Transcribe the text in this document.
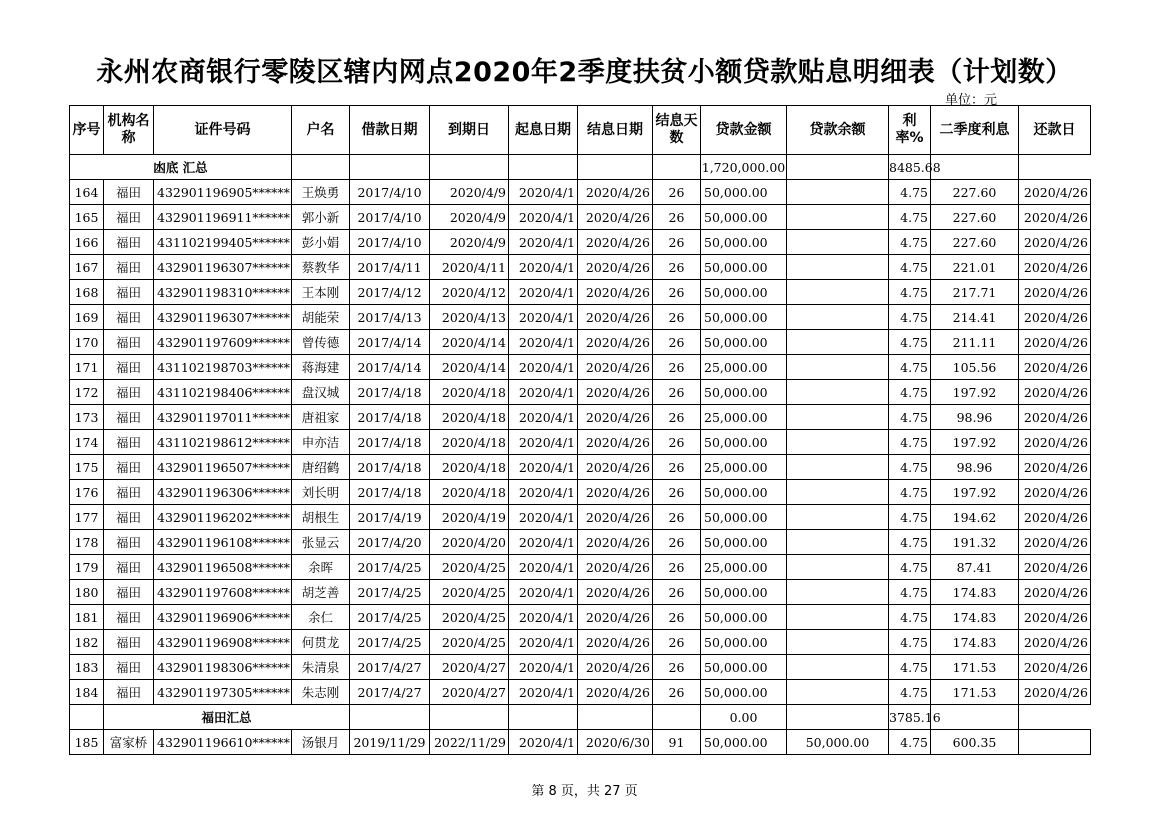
永州农商银行零陵区辖内网点2020年2季度扶贫小额贷款贴息明细表（计划数）
单位：元
序号	机构名称	证件号码	户名	借款日期	到期日	起息日期	结息日期	结息天数	贷款金额	贷款余额	利率%	二季度利息	还款日
凼底 汇总									1,720,000.00		8485.68		
164	福田	432901196905******	王焕勇	2017/4/10	2020/4/9	2020/4/1	2020/4/26	26	50,000.00		4.75	227.60	2020/4/26
165	福田	432901196911******	郭小新	2017/4/10	2020/4/9	2020/4/1	2020/4/26	26	50,000.00		4.75	227.60	2020/4/26
166	福田	431102199405******	彭小娟	2017/4/10	2020/4/9	2020/4/1	2020/4/26	26	50,000.00		4.75	227.60	2020/4/26
167	福田	432901196307******	蔡教华	2017/4/11	2020/4/11	2020/4/1	2020/4/26	26	50,000.00		4.75	221.01	2020/4/26
168	福田	432901198310******	王本刚	2017/4/12	2020/4/12	2020/4/1	2020/4/26	26	50,000.00		4.75	217.71	2020/4/26
169	福田	432901196307******	胡能荣	2017/4/13	2020/4/13	2020/4/1	2020/4/26	26	50,000.00		4.75	214.41	2020/4/26
170	福田	432901197609******	曾传德	2017/4/14	2020/4/14	2020/4/1	2020/4/26	26	50,000.00		4.75	211.11	2020/4/26
171	福田	431102198703******	蒋海建	2017/4/14	2020/4/14	2020/4/1	2020/4/26	26	25,000.00		4.75	105.56	2020/4/26
172	福田	431102198406******	盘汉城	2017/4/18	2020/4/18	2020/4/1	2020/4/26	26	50,000.00		4.75	197.92	2020/4/26
173	福田	432901197011******	唐祖家	2017/4/18	2020/4/18	2020/4/1	2020/4/26	26	25,000.00		4.75	98.96	2020/4/26
174	福田	431102198612******	申亦洁	2017/4/18	2020/4/18	2020/4/1	2020/4/26	26	50,000.00		4.75	197.92	2020/4/26
175	福田	432901196507******	唐绍鹤	2017/4/18	2020/4/18	2020/4/1	2020/4/26	26	25,000.00		4.75	98.96	2020/4/26
176	福田	432901196306******	刘长明	2017/4/18	2020/4/18	2020/4/1	2020/4/26	26	50,000.00		4.75	197.92	2020/4/26
177	福田	432901196202******	胡根生	2017/4/19	2020/4/19	2020/4/1	2020/4/26	26	50,000.00		4.75	194.62	2020/4/26
178	福田	432901196108******	张显云	2017/4/20	2020/4/20	2020/4/1	2020/4/26	26	50,000.00		4.75	191.32	2020/4/26
179	福田	432901196508******	余晖	2017/4/25	2020/4/25	2020/4/1	2020/4/26	26	25,000.00		4.75	87.41	2020/4/26
180	福田	432901197608******	胡芝善	2017/4/25	2020/4/25	2020/4/1	2020/4/26	26	50,000.00		4.75	174.83	2020/4/26
181	福田	432901196906******	余仁	2017/4/25	2020/4/25	2020/4/1	2020/4/26	26	50,000.00		4.75	174.83	2020/4/26
182	福田	432901196908******	何贯龙	2017/4/25	2020/4/25	2020/4/1	2020/4/26	26	50,000.00		4.75	174.83	2020/4/26
183	福田	432901198306******	朱清泉	2017/4/27	2020/4/27	2020/4/1	2020/4/26	26	50,000.00		4.75	171.53	2020/4/26
184	福田	432901197305******	朱志刚	2017/4/27	2020/4/27	2020/4/1	2020/4/26	26	50,000.00		4.75	171.53	2020/4/26
	福田汇总								0.00		3785.16		
185	富家桥	432901196610******	汤银月	2019/11/29	2022/11/29	2020/4/1	2020/6/30	91	50,000.00	50,000.00	4.75	600.35	
第 8 页，共 27 页
